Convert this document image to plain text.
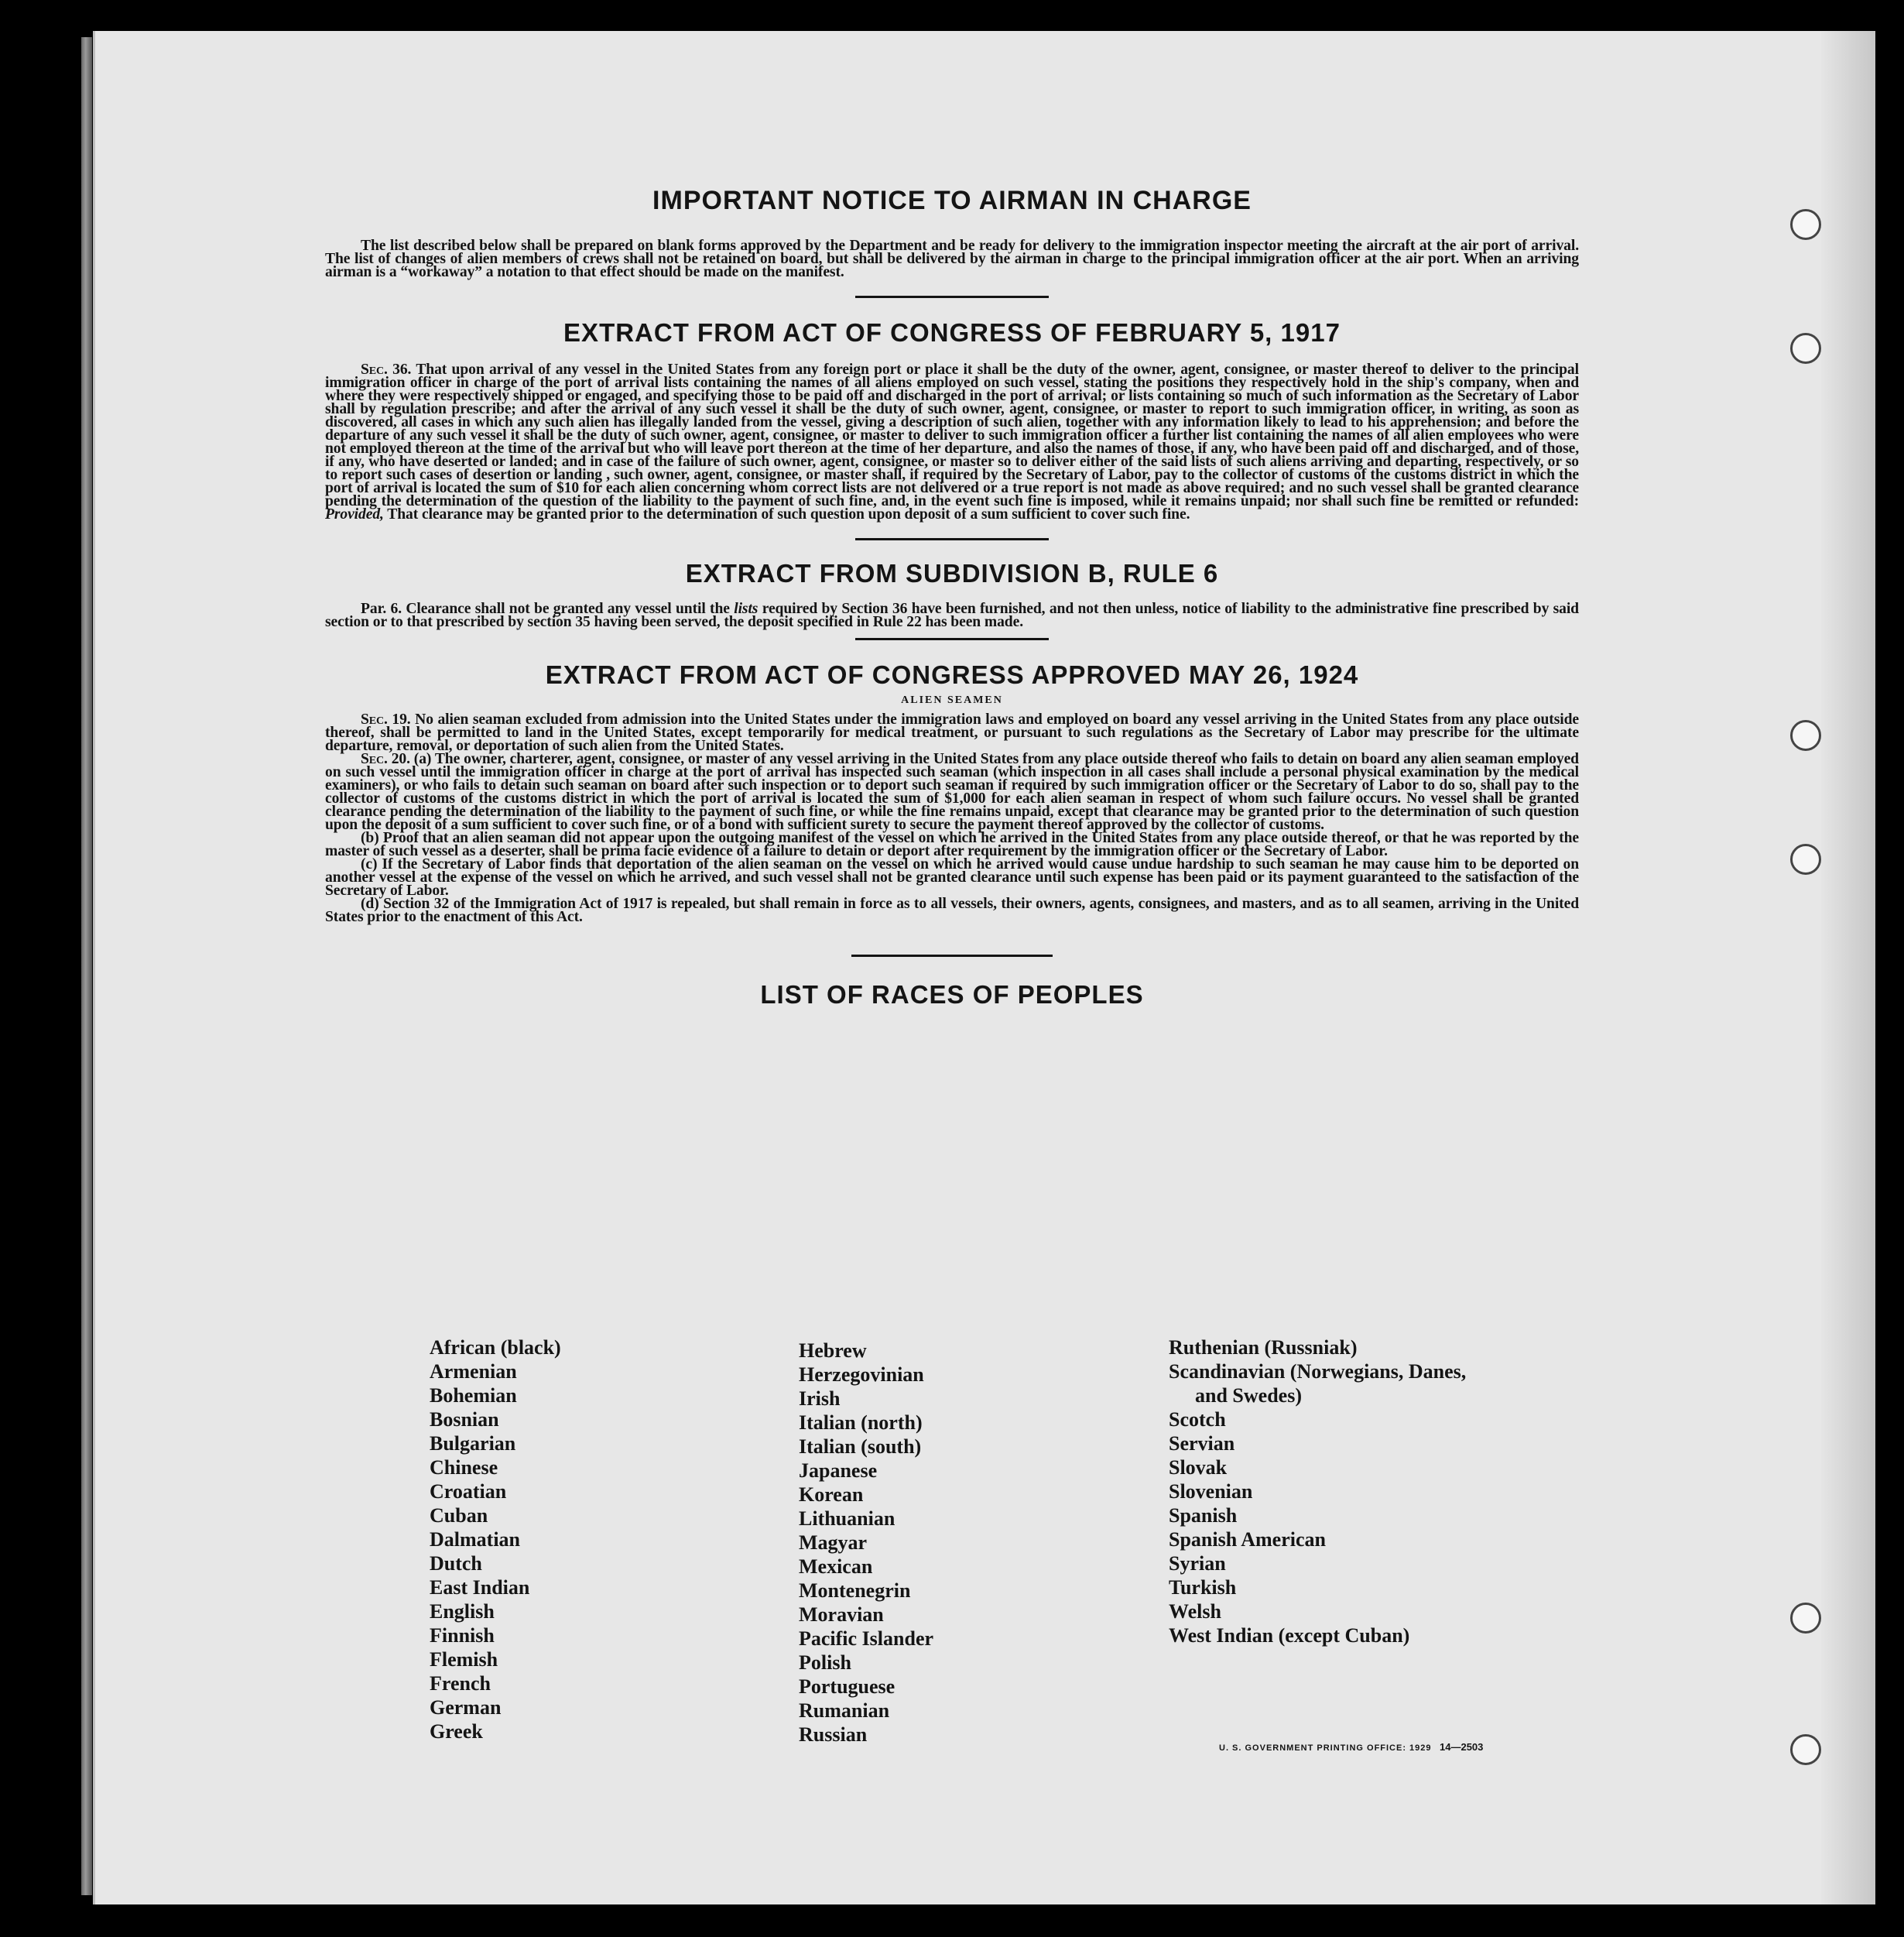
IMPORTANT NOTICE TO AIRMAN IN CHARGE

The list described below shall be prepared on blank forms approved by the Department and be ready for delivery to the immigration inspector meeting the aircraft at the air port of arrival. The list of changes of alien members of crews shall not be retained on board, but shall be delivered by the airman in charge to the principal immigration officer at the air port. When an arriving airman is a “workaway” a notation to that effect should be made on the manifest.

EXTRACT FROM ACT OF CONGRESS OF FEBRUARY 5, 1917

Sec. 36. That upon arrival of any vessel in the United States from any foreign port or place it shall be the duty of the owner, agent, consignee, or master thereof to deliver to the principal immigration officer in charge of the port of arrival lists containing the names of all aliens employed on such vessel, stating the positions they respectively hold in the ship's company, when and where they were respectively shipped or engaged, and specifying those to be paid off and discharged in the port of arrival; or lists containing so much of such information as the Secretary of Labor shall by regulation prescribe; and after the arrival of any such vessel it shall be the duty of such owner, agent, consignee, or master to report to such immigration officer, in writing, as soon as discovered, all cases in which any such alien has illegally landed from the vessel, giving a description of such alien, together with any information likely to lead to his apprehension; and before the departure of any such vessel it shall be the duty of such owner, agent, consignee, or master to deliver to such immigration officer a further list containing the names of all alien employees who were not employed thereon at the time of the arrival but who will leave port thereon at the time of her departure, and also the names of those, if any, who have been paid off and discharged, and of those, if any, who have deserted or landed; and in case of the failure of such owner, agent, consignee, or master so to deliver either of the said lists of such aliens arriving and departing, respectively, or so to report such cases of desertion or landing , such owner, agent, consignee, or master shall, if required by the Secretary of Labor, pay to the collector of customs of the customs district in which the port of arrival is located the sum of $10 for each alien concerning whom correct lists are not delivered or a true report is not made as above required; and no such vessel shall be granted clearance pending the determination of the question of the liability to the payment of such fine, and, in the event such fine is imposed, while it remains unpaid; nor shall such fine be remitted or refunded: Provided, That clearance may be granted prior to the determination of such question upon deposit of a sum sufficient to cover such fine.

EXTRACT FROM SUBDIVISION B, RULE 6

Par. 6. Clearance shall not be granted any vessel until the lists required by Section 36 have been furnished, and not then unless, notice of liability to the administrative fine prescribed by said section or to that prescribed by section 35 having been served, the deposit specified in Rule 22 has been made.

EXTRACT FROM ACT OF CONGRESS APPROVED MAY 26, 1924
ALIEN SEAMEN

Sec. 19. No alien seaman excluded from admission into the United States under the immigration laws and employed on board any vessel arriving in the United States from any place outside thereof, shall be permitted to land in the United States, except temporarily for medical treatment, or pursuant to such regulations as the Secretary of Labor may prescribe for the ultimate departure, removal, or deportation of such alien from the United States.

Sec. 20. (a) The owner, charterer, agent, consignee, or master of any vessel arriving in the United States from any place outside thereof who fails to detain on board any alien seaman employed on such vessel until the immigration officer in charge at the port of arrival has inspected such seaman (which inspection in all cases shall include a personal physical examination by the medical examiners), or who fails to detain such seaman on board after such inspection or to deport such seaman if required by such immigration officer or the Secretary of Labor to do so, shall pay to the collector of customs of the customs district in which the port of arrival is located the sum of $1,000 for each alien seaman in respect of whom such failure occurs. No vessel shall be granted clearance pending the determination of the liability to the payment of such fine, or while the fine remains unpaid, except that clearance may be granted prior to the determination of such question upon the deposit of a sum sufficient to cover such fine, or of a bond with sufficient surety to secure the payment thereof approved by the collector of customs.

(b) Proof that an alien seaman did not appear upon the outgoing manifest of the vessel on which he arrived in the United States from any place outside thereof, or that he was reported by the master of such vessel as a deserter, shall be prima facie evidence of a failure to detain or deport after requirement by the immigration officer or the Secretary of Labor.

(c) If the Secretary of Labor finds that deportation of the alien seaman on the vessel on which he arrived would cause undue hardship to such seaman he may cause him to be deported on another vessel at the expense of the vessel on which he arrived, and such vessel shall not be granted clearance until such expense has been paid or its payment guaranteed to the satisfaction of the Secretary of Labor.

(d) Section 32 of the Immigration Act of 1917 is repealed, but shall remain in force as to all vessels, their owners, agents, consignees, and masters, and as to all seamen, arriving in the United States prior to the enactment of this Act.

LIST OF RACES OF PEOPLES
African (black)
Armenian
Bohemian
Bosnian
Bulgarian
Chinese
Croatian
Cuban
Dalmatian
Dutch
East Indian
English
Finnish
Flemish
French
German
Greek
Hebrew
Herzegovinian
Irish
Italian (north)
Italian (south)
Japanese
Korean
Lithuanian
Magyar
Mexican
Montenegrin
Moravian
Pacific Islander
Polish
Portuguese
Rumanian
Russian
Ruthenian (Russniak)
Scandinavian (Norwegians, Danes,
and Swedes)
Scotch
Servian
Slovak
Slovenian
Spanish
Spanish American
Syrian
Turkish
Welsh
West Indian (except Cuban)
U. S. GOVERNMENT PRINTING OFFICE: 1929 14—2503
